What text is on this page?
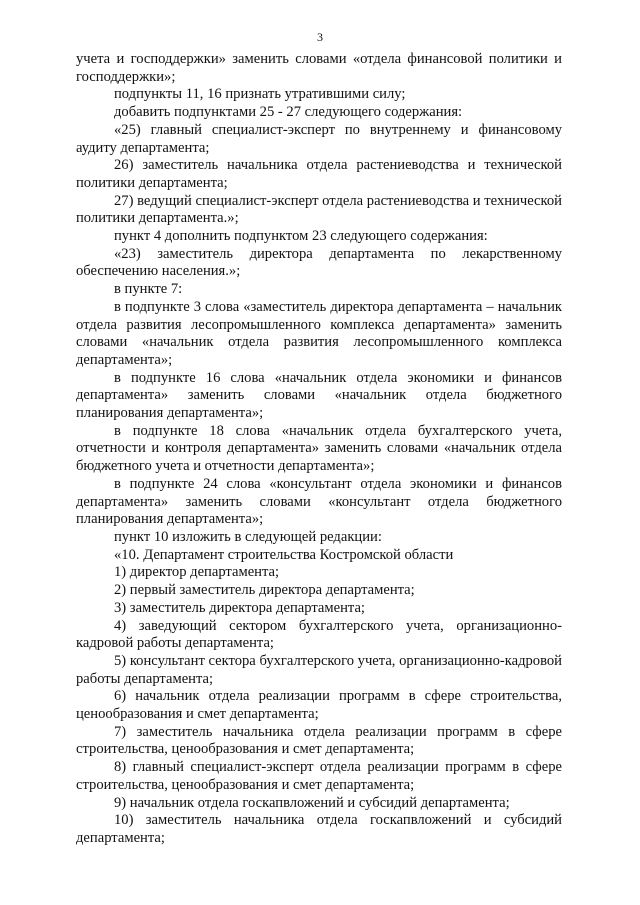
3

учета и господдержки» заменить словами «отдела финансовой политики и господдержки»;

подпункты 11, 16 признать утратившими силу;

добавить подпунктами 25 - 27 следующего содержания:

«25) главный специалист-эксперт по внутреннему и финансовому аудиту департамента;

26) заместитель начальника отдела растениеводства и технической политики департамента;

27) ведущий специалист-эксперт отдела растениеводства и технической политики департамента.»;

пункт 4 дополнить подпунктом 23 следующего содержания:

«23) заместитель директора департамента по лекарственному обеспечению населения.»;

в пункте 7:

в подпункте 3 слова «заместитель директора департамента – начальник отдела развития лесопромышленного комплекса департамента» заменить словами «начальник отдела развития лесопромышленного комплекса департамента»;

в подпункте 16 слова «начальник отдела экономики и финансов департамента» заменить словами «начальник отдела бюджетного планирования департамента»;

в подпункте 18 слова «начальник отдела бухгалтерского учета, отчетности и контроля департамента» заменить словами «начальник отдела бюджетного учета и отчетности департамента»;

в подпункте 24 слова «консультант отдела экономики и финансов департамента» заменить словами «консультант отдела бюджетного планирования департамента»;

пункт 10 изложить в следующей редакции:

«10. Департамент строительства Костромской области

1) директор департамента;

2) первый заместитель директора департамента;

3) заместитель директора департамента;

4) заведующий сектором бухгалтерского учета, организационно-кадровой работы департамента;

5) консультант сектора бухгалтерского учета, организационно-кадровой работы департамента;

6) начальник отдела реализации программ в сфере строительства, ценообразования и смет департамента;

7) заместитель начальника отдела реализации программ в сфере строительства, ценообразования и смет департамента;

8) главный специалист-эксперт отдела реализации программ в сфере строительства, ценообразования и смет департамента;

9) начальник отдела госкапвложений и субсидий департамента;

10) заместитель начальника отдела госкапвложений и субсидий департамента;
